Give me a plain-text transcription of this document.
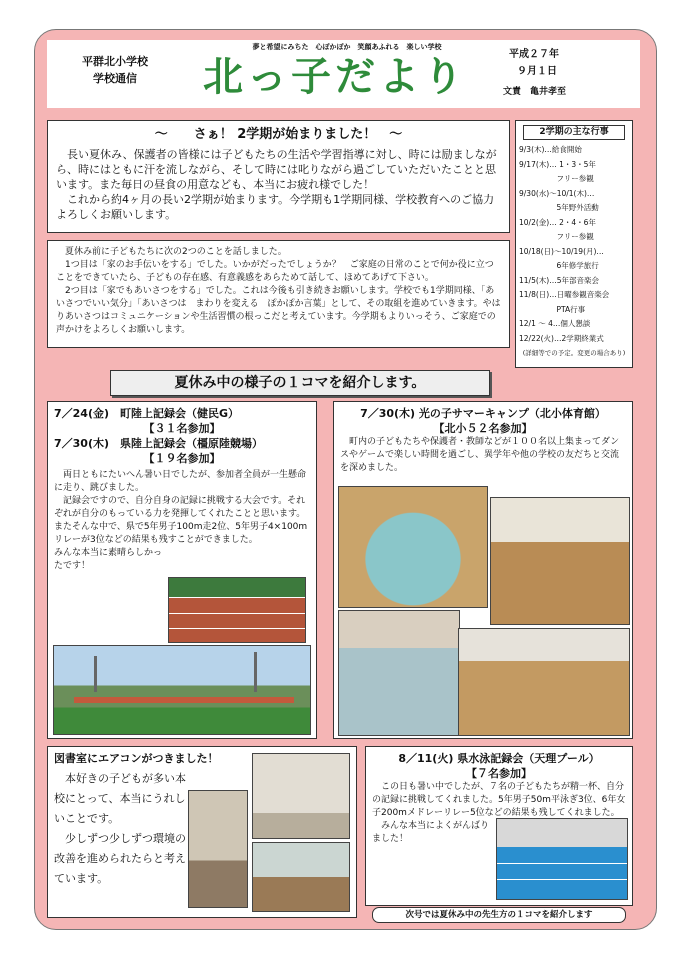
平群北小学校
学校通信
夢と希望にみちた　心ぽかぽか　笑顔あふれる　楽しい学校
北っ子だより	平成２７年
９月１日
文責　亀井孝至
〜　　さぁ！ 2学期が始まりました！　〜

長い夏休み、保護者の皆様には子どもたちの生活や学習指導に対し、時には励ましながら、時にはともに汗を流しながら、そして時には叱りながら過ごしていただいたことと思います。また毎日の昼食の用意なども、本当にお疲れ様でした！

これから約4ヶ月の長い2学期が始まります。今学期も1学期同様、学校教育へのご協力よろしくお願いします。

夏休み前に子どもたちに次の2つのことを話しました。

1つ目は「家のお手伝いをする」でした。いかがだったでしょうか？　ご家庭の日常のことで何か役に立つことをできていたら、子どもの存在感、有意義感をあらためて話して、ほめてあげて下さい。

2つ目は「家でもあいさつをする」でした。これは今後も引き続きお願いします。学校でも1学期同様、「あいさつでいい気分」「あいさつは　まわりを変える　ぽかぽか言葉」として、その取組を進めていきます。やはりあいさつはコミュニケーションや生活習慣の根っこだと考えています。今学期もよりいっそう、ご家庭での声かけをよろしくお願いします。

2学期の主な行事
9/3(木)…給食開始
9/17(木)… 1・3・5年
　　　　　フリー参観
9/30(水)〜10/1(木)…
　　　　　5年野外活動
10/2(金)… 2・4・6年
　　　　　フリー参観
10/18(日)〜10/19(月)…
　　　　　6年修学旅行
11/5(木)…5年部音楽会
11/8(日)…日曜参観音楽会
　　　　　PTA行事
12/1 〜 4…個人懇談
12/22(火)…2学期終業式
(詳細等での予定。変更の場合あり)
夏休み中の様子の１コマを紹介します。
7／24(金)　町陸上記録会（健民G）
【３１名参加】
7／30(木)　県陸上記録会（橿原陸競場）
【１９名参加】

両日ともにたいへん暑い日でしたが、参加者全員が一生懸命に走り、跳びました。

記録会ですので、自分自身の記録に挑戦する大会です。それぞれが自分のもっている力を発揮してくれたことと思います。またそんな中で、県で5年男子100m走2位、5年男子4×100mリレーが3位などの結果も残すことができました。

みんな本当に素晴らしかったです！

7／30(木) 光の子サマーキャンプ（北小体育館）
【北小５２名参加】

町内の子どもたちや保護者・教師などが１００名以上集まってダンスやゲームで楽しい時間を過ごし、異学年や他の学校の友だちと交流を深めました。

図書室にエアコンがつきました！

本好きの子どもが多い本校にとって、本当にうれしいことです。

少しずつ少しずつ環境の改善を進められたらと考えています。

8／11(火) 県水泳記録会（天理プール）
【７名参加】

この日も暑い中でしたが、７名の子どもたちが精一杯、自分の記録に挑戦してくれました。5年男子50m平泳ぎ3位、6年女子200mメドレーリレー5位などの結果も残してくれました。

みんな本当によくがんばりました！

次号では夏休み中の先生方の１コマを紹介します
